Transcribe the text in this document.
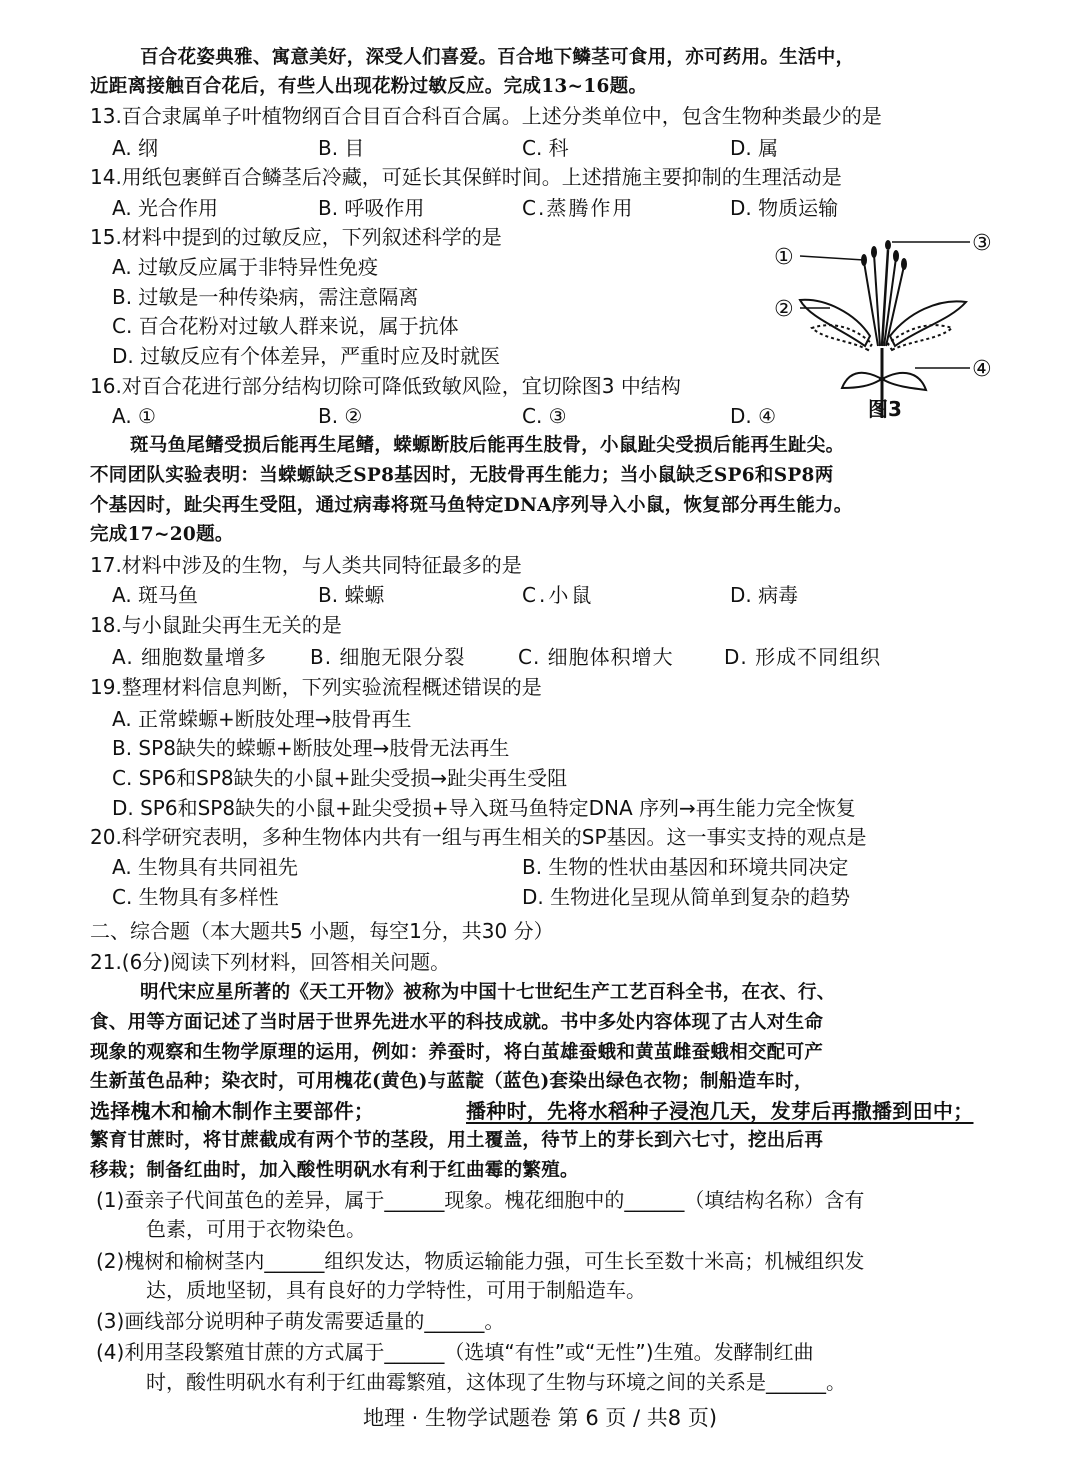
百合花姿典雅、寓意美好，深受人们喜爱。百合地下鳞茎可食用，亦可药用。生活中，
近距离接触百合花后，有些人出现花粉过敏反应。完成13~16题。
13.百合隶属单子叶植物纲百合目百合科百合属。上述分类单位中，包含生物种类最少的是
A. 纲	B. 目	C. 科	D. 属
14.用纸包裹鲜百合鳞茎后冷藏，可延长其保鲜时间。上述措施主要抑制的生理活动是
A. 光合作用	B. 呼吸作用	C.蒸腾作用	D. 物质运输
15.材料中提到的过敏反应，下列叙述科学的是
A. 过敏反应属于非特异性免疫
B. 过敏是一种传染病，需注意隔离
C. 百合花粉对过敏人群来说，属于抗体
D. 过敏反应有个体差异，严重时应及时就医
16.对百合花进行部分结构切除可降低致敏风险，宜切除图3 中结构
A. ①	B. ②	C. ③	D. ④
①
②
③
④
图3
斑马鱼尾鳍受损后能再生尾鳍，蝾螈断肢后能再生肢骨，小鼠趾尖受损后能再生趾尖。
不同团队实验表明：当蝾螈缺乏SP8基因时，无肢骨再生能力；当小鼠缺乏SP6和SP8两
个基因时，趾尖再生受阻，通过病毒将斑马鱼特定DNA序列导入小鼠，恢复部分再生能力。
完成17~20题。
17.材料中涉及的生物，与人类共同特征最多的是
A. 斑马鱼	B. 蝾螈	C.小鼠	D. 病毒
18.与小鼠趾尖再生无关的是
A. 细胞数量增多 B. 细胞无限分裂	C. 细胞体积增大	D. 形成不同组织
19.整理材料信息判断，下列实验流程概述错误的是
A. 正常蝾螈+断肢处理→肢骨再生
B. SP8缺失的蝾螈+断肢处理→肢骨无法再生
C. SP6和SP8缺失的小鼠+趾尖受损→趾尖再生受阻
D. SP6和SP8缺失的小鼠+趾尖受损+导入斑马鱼特定DNA 序列→再生能力完全恢复
20.科学研究表明，多种生物体内共有一组与再生相关的SP基因。这一事实支持的观点是
A. 生物具有共同祖先	B. 生物的性状由基因和环境共同决定
C. 生物具有多样性	D. 生物进化呈现从简单到复杂的趋势
二、综合题（本大题共5 小题，每空1分，共30 分）
21.(6分)阅读下列材料，回答相关问题。
明代宋应星所著的《天工开物》被称为中国十七世纪生产工艺百科全书，在衣、行、
食、用等方面记述了当时居于世界先进水平的科技成就。书中多处内容体现了古人对生命
现象的观察和生物学原理的运用，例如：养蚕时，将白茧雄蚕蛾和黄茧雌蚕蛾相交配可产
生新茧色品种；染衣时，可用槐花(黄色)与蓝靛（蓝色)套染出绿色衣物；制船造车时，
选择槐木和榆木制作主要部件；	播种时，先将水稻种子浸泡几天，发芽后再撒播到田中；
繁育甘蔗时，将甘蔗截成有两个节的茎段，用土覆盖，待节上的芽长到六七寸，挖出后再
移栽；制备红曲时，加入酸性明矾水有利于红曲霉的繁殖。
(1)蚕亲子代间茧色的差异，属于______现象。槐花细胞中的______（填结构名称）含有
色素，可用于衣物染色。
(2)槐树和榆树茎内______组织发达，物质运输能力强，可生长至数十米高；机械组织发
达，质地坚韧，具有良好的力学特性，可用于制船造车。
(3)画线部分说明种子萌发需要适量的______。
(4)利用茎段繁殖甘蔗的方式属于______（选填“有性”或“无性”)生殖。发酵制红曲
时，酸性明矾水有利于红曲霉繁殖，这体现了生物与环境之间的关系是______。
地理 · 生物学试题卷 第 6 页 / 共8 页)
